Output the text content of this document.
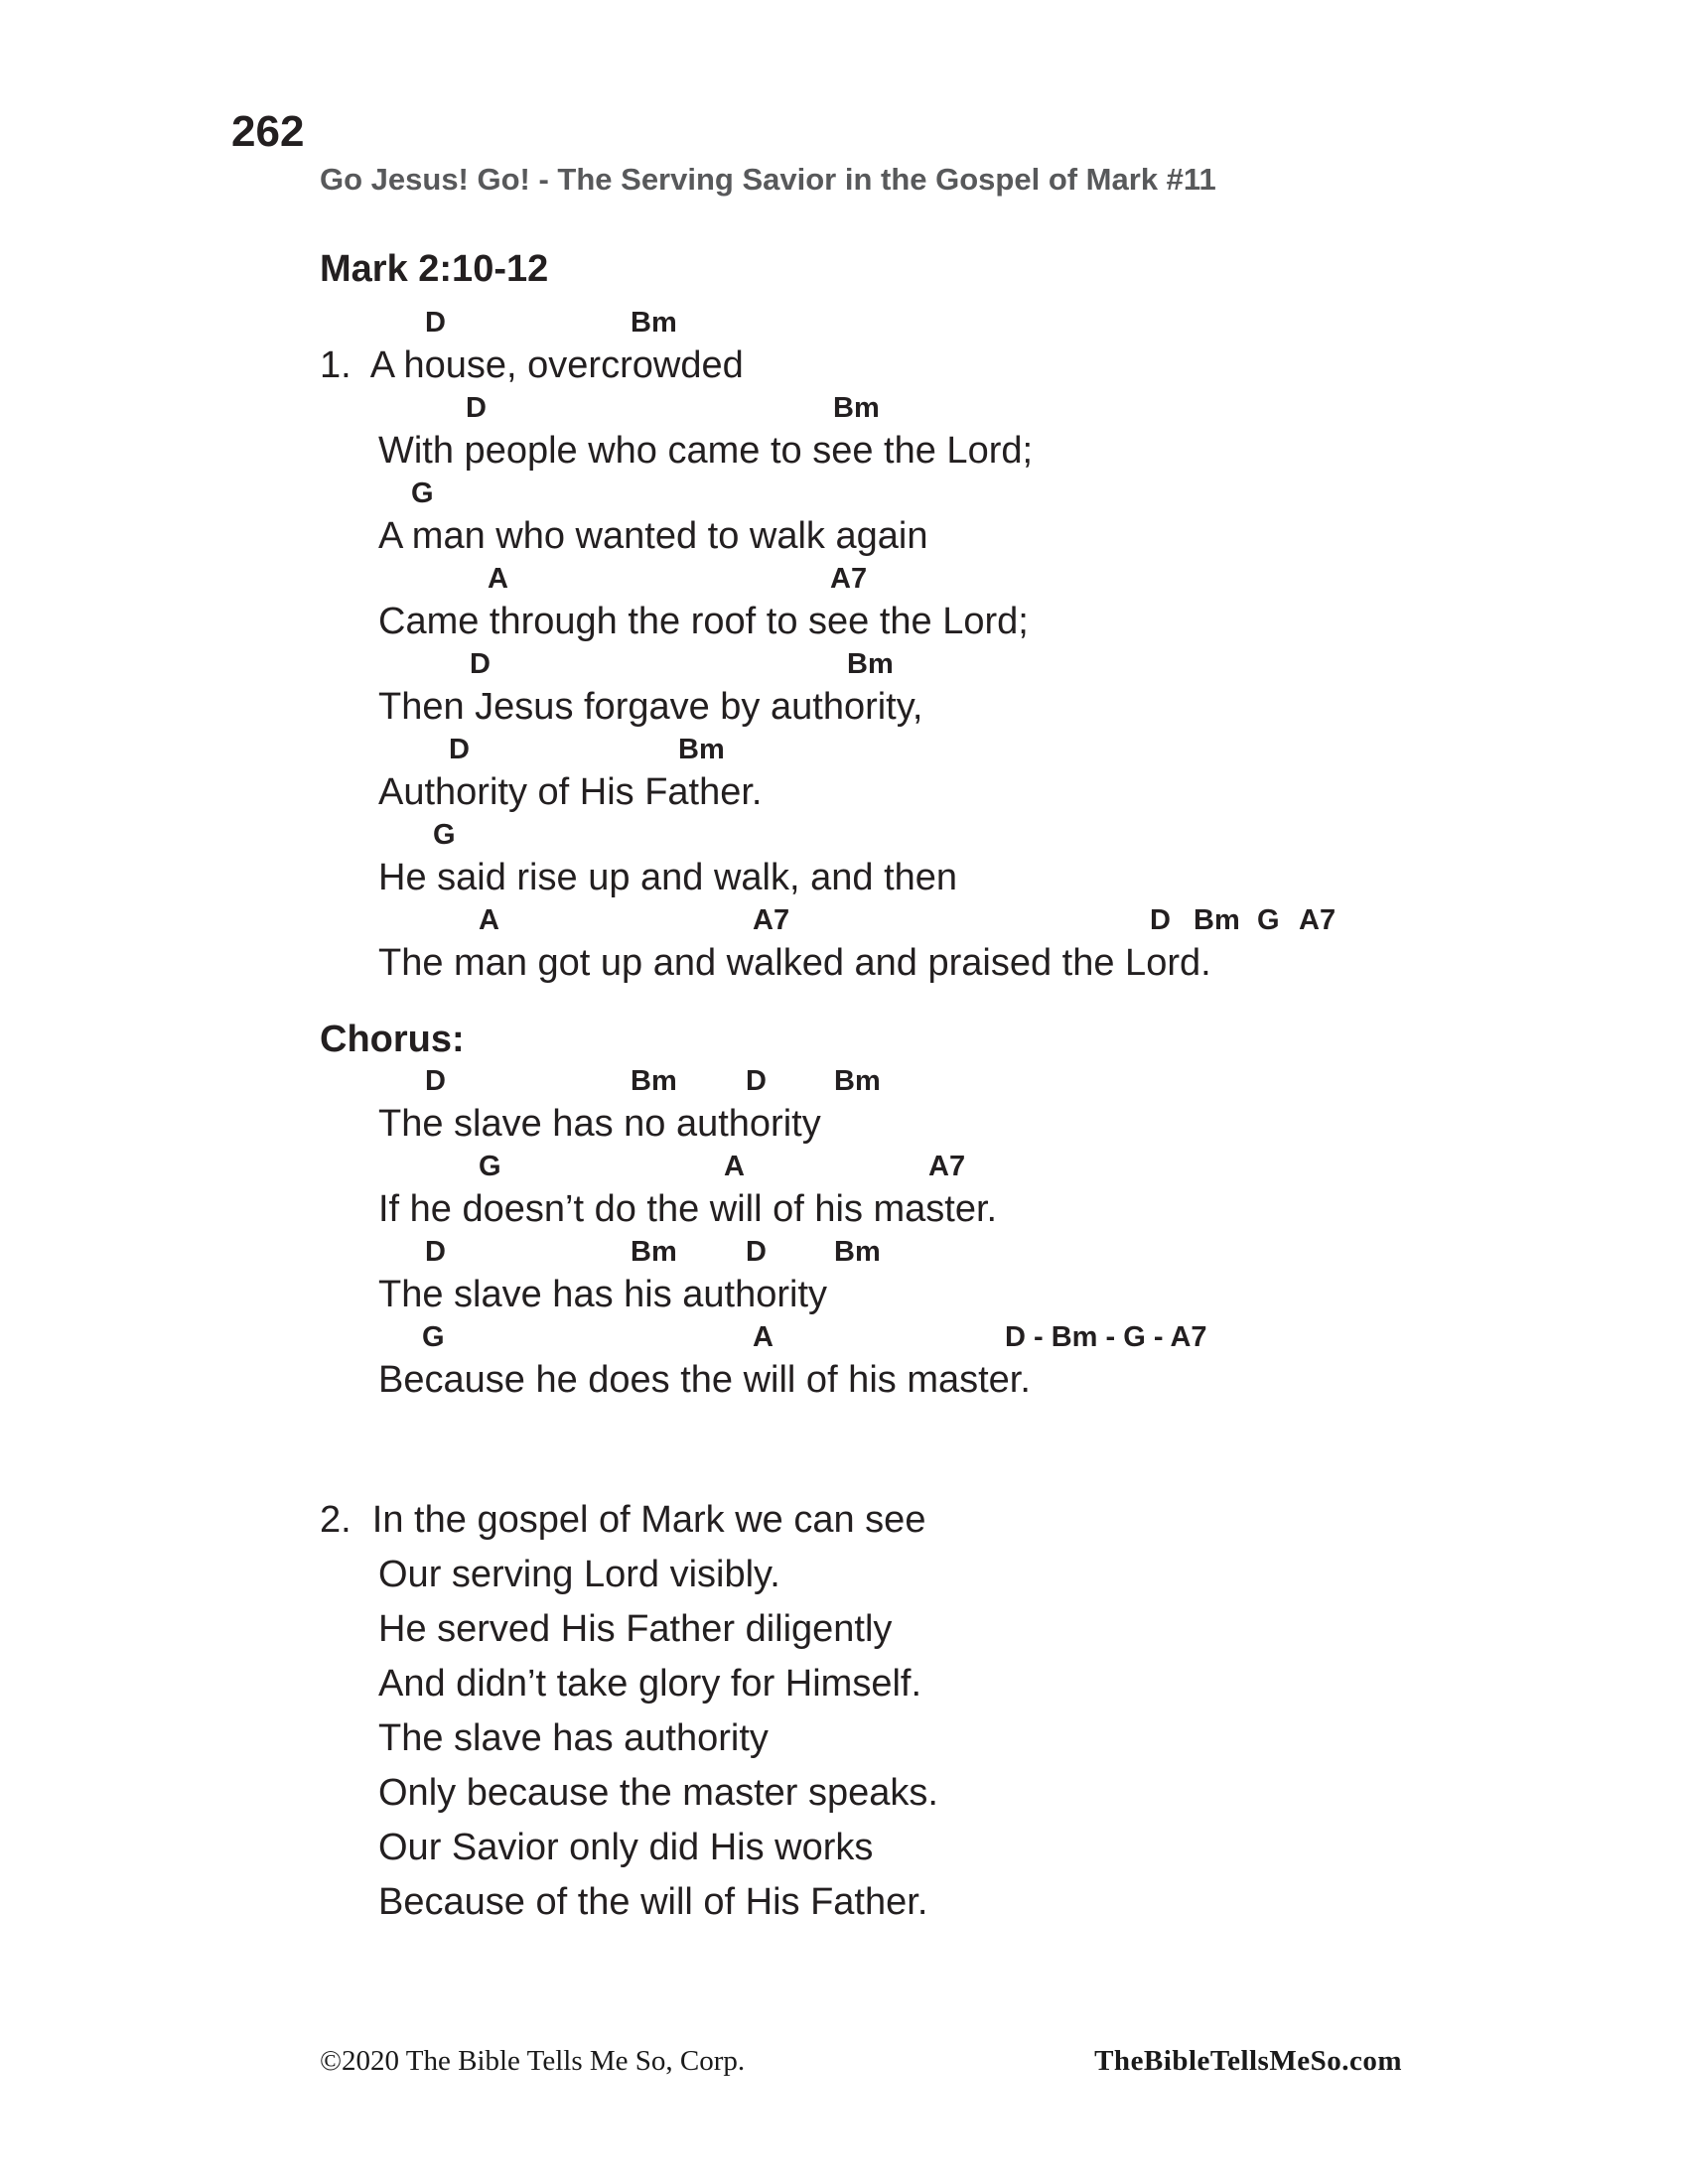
262
Go Jesus! Go! - The Serving Savior in the Gospel of Mark #11
Mark 2:10-12
D	Bm
1.  A house, overcrowded
D	Bm
With people who came to see the Lord;
G
A man who wanted to walk again
A	A7
Came through the roof to see the Lord;
D	Bm
Then Jesus forgave by authority,
D	Bm
Authority of His Father.
G
He said rise up and walk, and then
A	A7	D Bm G A7
The man got up and walked and praised the Lord.
Chorus:
D	Bm D Bm
The slave has no authority
G	A	A7
If he doesn’t do the will of his master.
D	Bm D Bm
The slave has his authority
G	A	D - Bm - G - A7
Because he does the will of his master.
2.  In the gospel of Mark we can see
Our serving Lord visibly.
He served His Father diligently
And didn’t take glory for Himself.
The slave has authority
Only because the master speaks.
Our Savior only did His works
Because of the will of His Father.
©2020 The Bible Tells Me So, Corp.	TheBibleTellsMeSo.com
